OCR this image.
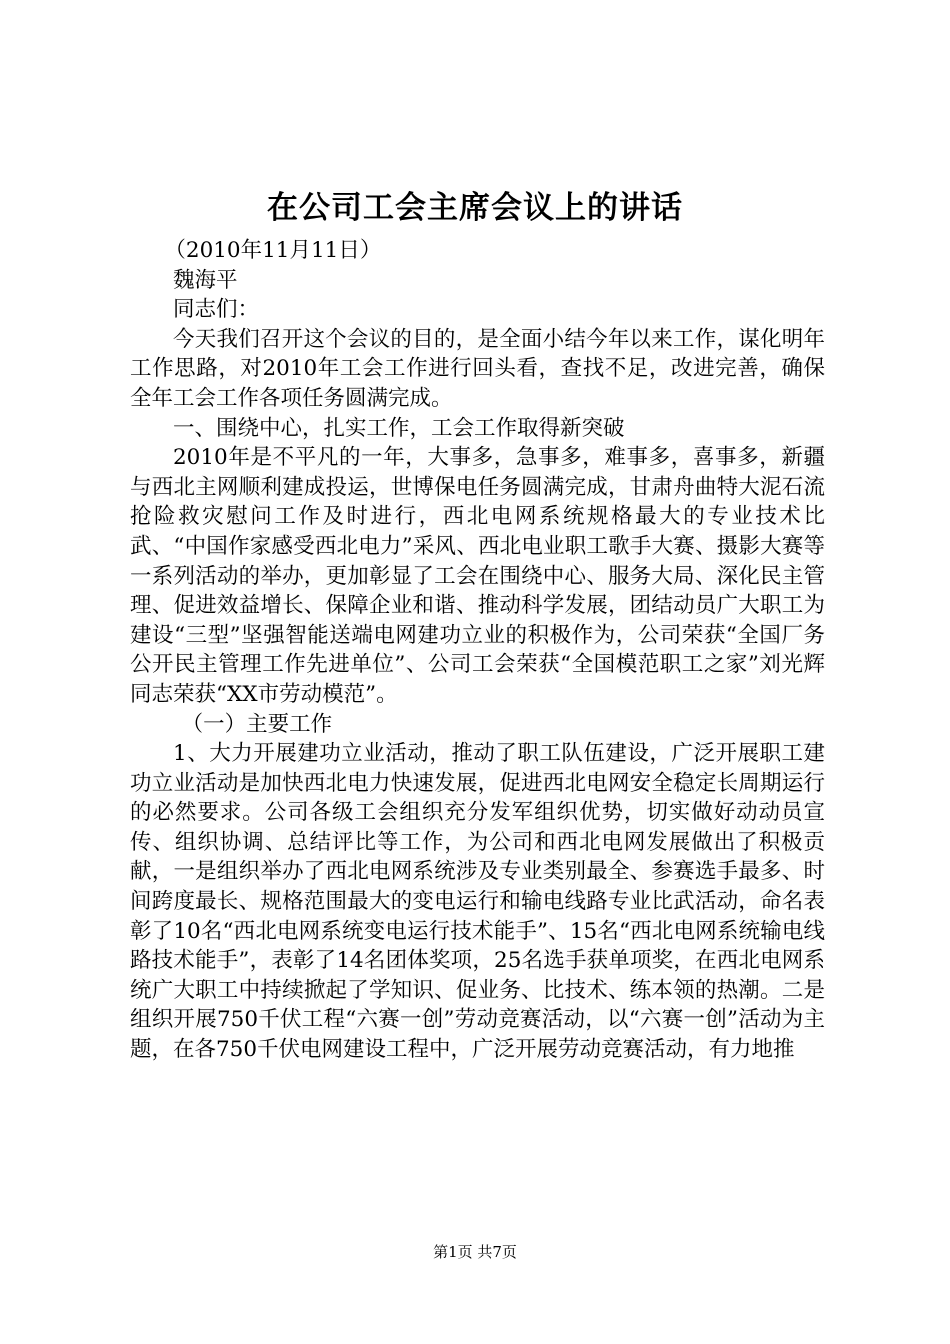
在公司工会主席会议上的讲话

（2010年11月11日）

魏海平

同志们：

今天我们召开这个会议的目的，是全面小结今年以来工作，谋化明年工作思路，对2010年工会工作进行回头看，查找不足，改进完善，确保全年工会工作各项任务圆满完成。

一、围绕中心，扎实工作，工会工作取得新突破

2010年是不平凡的一年，大事多，急事多，难事多，喜事多，新疆与西北主网顺利建成投运，世博保电任务圆满完成，甘肃舟曲特大泥石流抢险救灾慰问工作及时进行，西北电网系统规格最大的专业技术比武、“中国作家感受西北电力”采风、西北电业职工歌手大赛、摄影大赛等一系列活动的举办，更加彰显了工会在围绕中心、服务大局、深化民主管理、促进效益增长、保障企业和谐、推动科学发展，团结动员广大职工为建设“三型”坚强智能送端电网建功立业的积极作为，公司荣获“全国厂务公开民主管理工作先进单位”、公司工会荣获“全国模范职工之家”刘光辉同志荣获“XX市劳动模范”。

（一）主要工作

1、大力开展建功立业活动，推动了职工队伍建设，广泛开展职工建功立业活动是加快西北电力快速发展，促进西北电网安全稳定长周期运行的必然要求。公司各级工会组织充分发军组织优势，切实做好动动员宣传、组织协调、总结评比等工作，为公司和西北电网发展做出了积极贡献，一是组织举办了西北电网系统涉及专业类别最全、参赛选手最多、时间跨度最长、规格范围最大的变电运行和输电线路专业比武活动，命名表彰了10名“西北电网系统变电运行技术能手”、15名“西北电网系统输电线路技术能手”，表彰了14名团体奖项，25名选手获单项奖，在西北电网系统广大职工中持续掀起了学知识、促业务、比技术、练本领的热潮。二是组织开展750千伏工程“六赛一创”劳动竞赛活动，以“六赛一创”活动为主题，在各750千伏电网建设工程中，广泛开展劳动竞赛活动，有力地推

第1页 共7页
